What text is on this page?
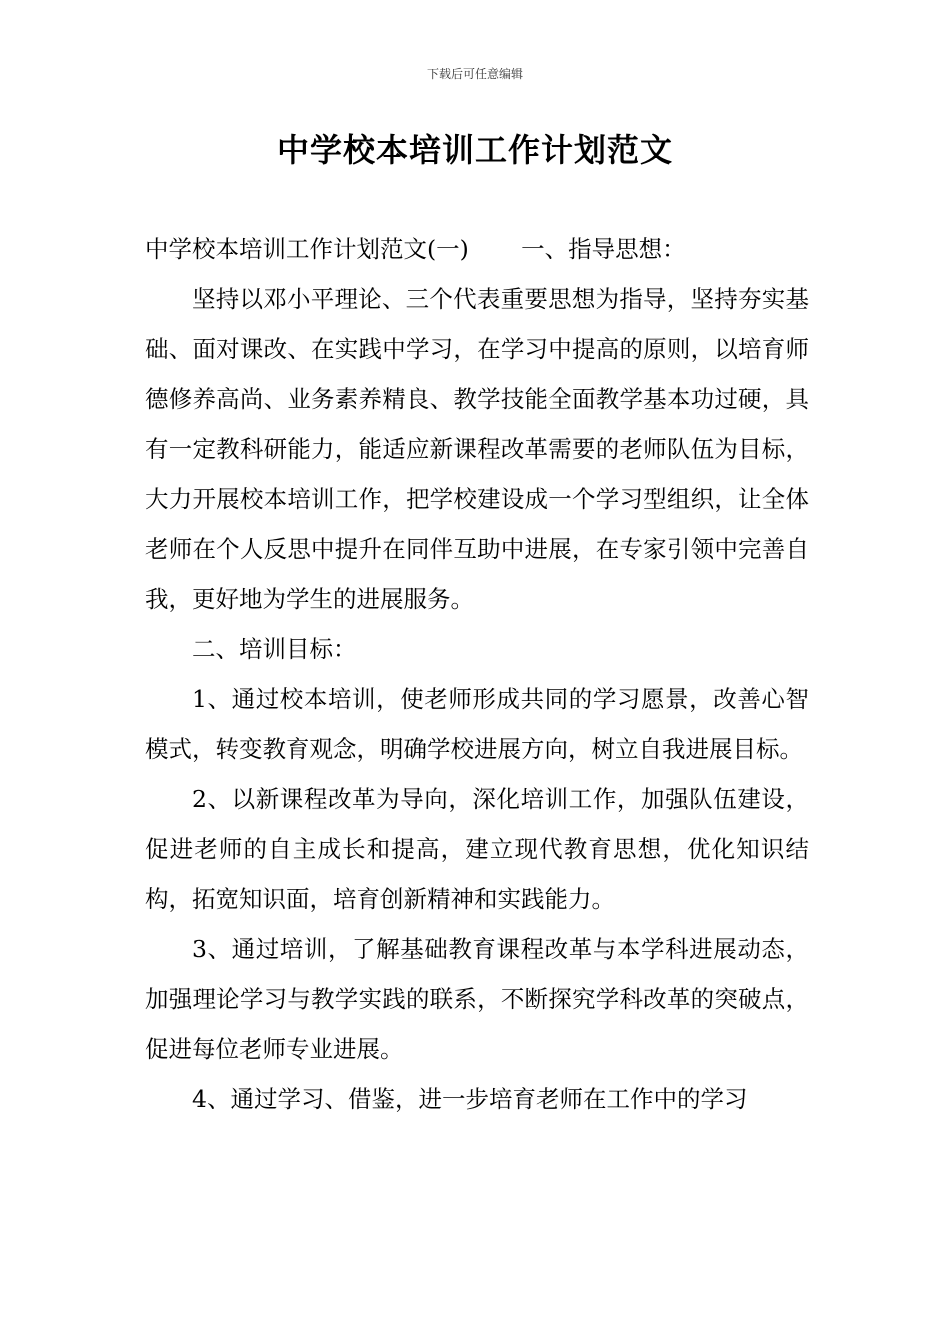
下载后可任意编辑
中学校本培训工作计划范文

中学校本培训工作计划范文(一)       一、指导思想：

坚持以邓小平理论、三个代表重要思想为指导，坚持夯实基础、面对课改、在实践中学习，在学习中提高的原则，以培育师德修养高尚、业务素养精良、教学技能全面教学基本功过硬，具有一定教科研能力，能适应新课程改革需要的老师队伍为目标，大力开展校本培训工作，把学校建设成一个学习型组织，让全体老师在个人反思中提升在同伴互助中进展，在专家引领中完善自我，更好地为学生的进展服务。

二、培训目标：

1、通过校本培训，使老师形成共同的学习愿景，改善心智模式，转变教育观念，明确学校进展方向，树立自我进展目标。

2、以新课程改革为导向，深化培训工作，加强队伍建设，促进老师的自主成长和提高，建立现代教育思想，优化知识结构，拓宽知识面，培育创新精神和实践能力。

3、通过培训，了解基础教育课程改革与本学科进展动态，加强理论学习与教学实践的联系，不断探究学科改革的突破点，促进每位老师专业进展。

4、通过学习、借鉴，进一步培育老师在工作中的学习
